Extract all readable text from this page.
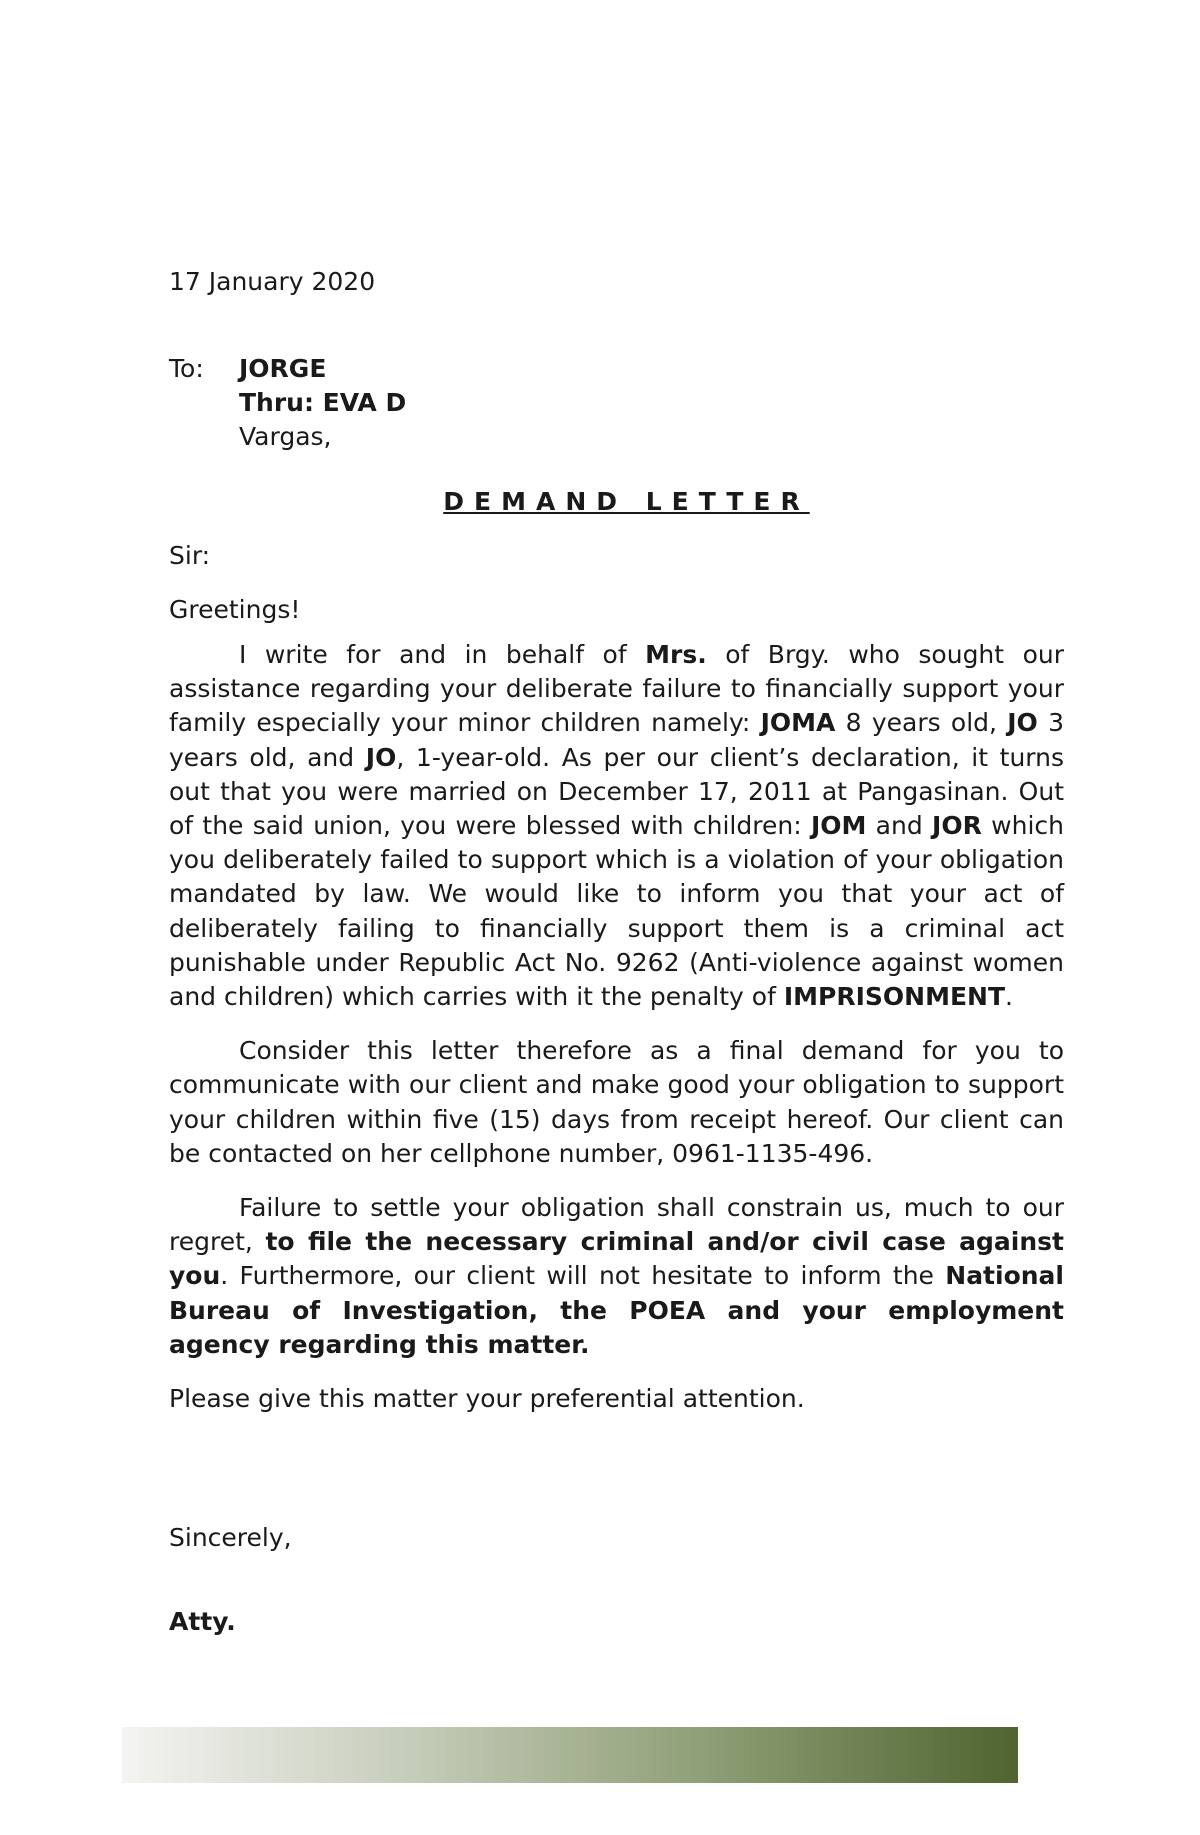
17 January 2020
To:	JORGE
Thru: EVA D
Vargas,
DEMAND LETTER
Sir:
Greetings!

I write for and in behalf of Mrs. of Brgy. who sought our assistance regarding your deliberate failure to financially support your family especially your minor children namely: JOMA 8 years old, JO 3 years old, and JO, 1-year-old. As per our client’s declaration, it turns out that you were married on December 17, 2011 at Pangasinan. Out of the said union, you were blessed with children: JOM and JOR which you deliberately failed to support which is a violation of your obligation mandated by law. We would like to inform you that your act of deliberately failing to financially support them is a criminal act punishable under Republic Act No. 9262 (Anti-violence against women and children) which carries with it the penalty of IMPRISONMENT.

Consider this letter therefore as a final demand for you to communicate with our client and make good your obligation to support your children within five (15) days from receipt hereof. Our client can be contacted on her cellphone number, 0961-1135-496.

Failure to settle your obligation shall constrain us, much to our regret, to file the necessary criminal and/or civil case against you. Furthermore, our client will not hesitate to inform the National Bureau of Investigation, the POEA and your employment agency regarding this matter.

Please give this matter your preferential attention.

Sincerely,
Atty.
